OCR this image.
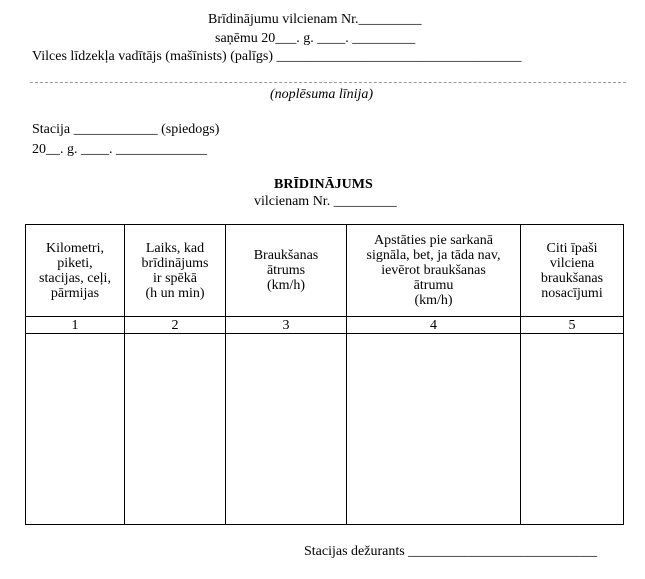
Brīdinājumu vilcienam Nr._________
saņēmu 20___. g. ____. _________
Vilces līdzekļa vadītājs (mašīnists) (palīgs) ___________________________________
(noplēsuma līnija)
Stacija ____________ (spiedogs)
20__. g. ____. _____________
BRĪDINĀJUMS
vilcienam Nr. _________
Kilometri,
piketi,
stacijas, ceļi,
pārmijas	Laiks, kad
brīdinājums
ir spēkā
(h un min)	Braukšanas
ātrums
(km/h)	Apstāties pie sarkanā
signāla, bet, ja tāda nav,
ievērot braukšanas
ātrumu
(km/h)	Citi īpaši
vilciena
braukšanas
nosacījumi

1	2	3	4	5

Stacijas dežurants ___________________________
